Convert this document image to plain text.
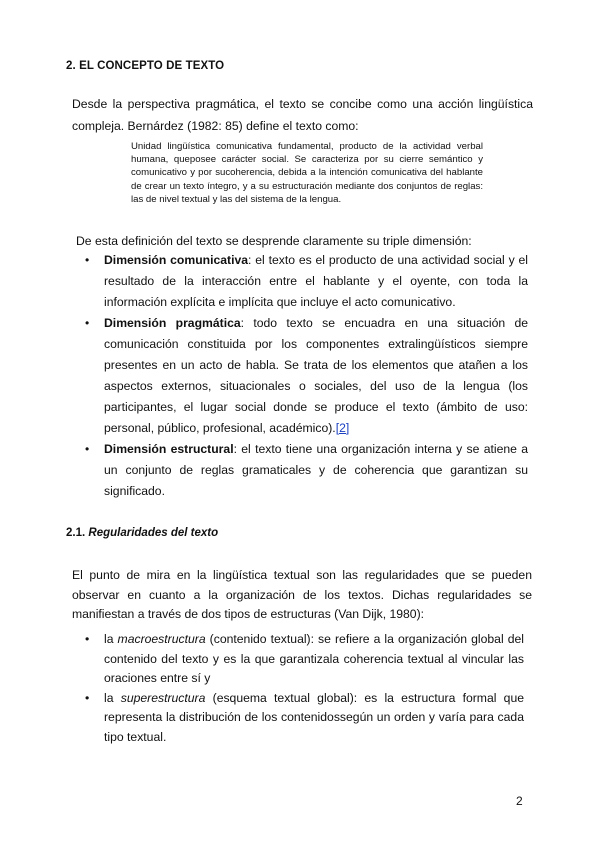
2. EL CONCEPTO DE TEXTO
Desde la perspectiva pragmática, el texto se concibe como una acción lingüística compleja. Bernárdez (1982: 85) define el texto como:
Unidad lingüística comunicativa fundamental, producto de la actividad verbal humana, queposee carácter social. Se caracteriza por su cierre semántico y comunicativo y por sucoherencia, debida a la intención comunicativa del hablante de crear un texto íntegro, y a su estructuración mediante dos conjuntos de reglas: las de nivel textual y las del sistema de la lengua.
De esta definición del texto se desprende claramente su triple dimensión:
• Dimensión comunicativa: el texto es el producto de una actividad social y el resultado de la interacción entre el hablante y el oyente, con toda la información explícita e implícita que incluye el acto comunicativo.
• Dimensión pragmática: todo texto se encuadra en una situación de comunicación constituida por los componentes extralingüísticos siempre presentes en un acto de habla. Se trata de los elementos que atañen a los aspectos externos, situacionales o sociales, del uso de la lengua (los participantes, el lugar social donde se produce el texto (ámbito de uso: personal, público, profesional, académico).[2]
• Dimensión estructural: el texto tiene una organización interna y se atiene a un conjunto de reglas gramaticales y de coherencia que garantizan su significado.
2.1. Regularidades del texto
El punto de mira en la lingüística textual son las regularidades que se pueden observar en cuanto a la organización de los textos. Dichas regularidades se manifiestan a través de dos tipos de estructuras (Van Dijk, 1980):
• la macroestructura (contenido textual): se refiere a la organización global del contenido del texto y es la que garantizala coherencia textual al vincular las oraciones entre sí y
• la superestructura (esquema textual global): es la estructura formal que representa la distribución de los contenidossegún un orden y varía para cada tipo textual.
2
